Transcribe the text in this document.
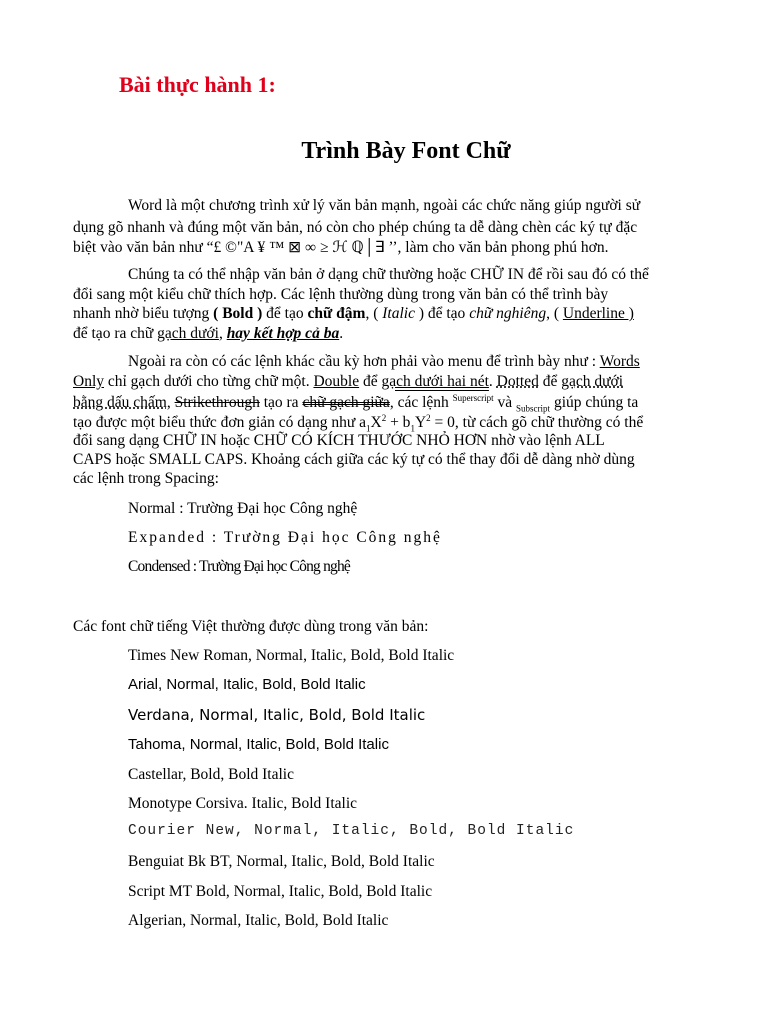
Bài thực hành 1:
Trình Bày Font Chữ
Word là một chương trình xử lý văn bản mạnh, ngoài các chức năng giúp người sử
dụng gõ nhanh và đúng một văn bản, nó còn cho phép chúng ta dễ dàng chèn các ký tự đặc
biệt vào văn bản như “£ ©"A ¥ ™ ⊠ ∞ ≥ ℋ ℚ│∃ ’’, làm cho văn bản phong phú hơn.
Chúng ta có thể nhập văn bản ở dạng chữ thường hoặc CHỮ IN để rồi sau đó có thể
đổi sang một kiểu chữ thích hợp. Các lệnh thường dùng trong văn bản có thể trình bày
nhanh nhờ biểu tượng ( Bold ) để tạo chữ đậm, ( Italic ) để tạo chữ nghiêng, ( Underline )
để tạo ra chữ gạch dưới, hay kết hợp cả ba.
Ngoài ra còn có các lệnh khác cầu kỳ hơn phải vào menu để trình bày như : Words
Only chỉ gạch dưới cho từng chữ một. Double để gạch dưới hai nét. Dotted để gạch dưới
bằng dấu chấm, Strikethrough tạo ra chữ gạch giữa, các lệnh $^{Superscript}$ và $_{Subscript}$ giúp chúng ta
tạo được một biểu thức đơn giản có dạng như $a_1X^2 + b_1Y^2 = 0$, từ cách gõ chữ thường có thể
đổi sang dạng CHỮ IN hoặc CHỮ CÓ KÍCH THƯỚC NHỎ HƠN nhờ vào lệnh ALL
CAPS hoặc SMALL CAPS. Khoảng cách giữa các ký tự có thể thay đổi dễ dàng nhờ dùng
các lệnh trong Spacing:
Normal : Trường Đại học Công nghệ
Expanded : Trường Đại học Công nghệ
Condensed : Trường Đại học Công nghệ
Các font chữ tiếng Việt thường được dùng trong văn bản:
Times New Roman, Normal, Italic, Bold, Bold Italic
Arial, Normal, Italic, Bold, Bold Italic
Verdana, Normal, Italic, Bold, Bold Italic
Tahoma, Normal, Italic, Bold, Bold Italic
Castellar, Bold, Bold Italic
Monotype Corsiva. Italic, Bold Italic
Courier New, Normal, Italic, Bold, Bold Italic
Benguiat Bk BT, Normal, Italic, Bold, Bold Italic
Script MT Bold, Normal, Italic, Bold, Bold Italic
Algerian, Normal, Italic, Bold, Bold Italic
